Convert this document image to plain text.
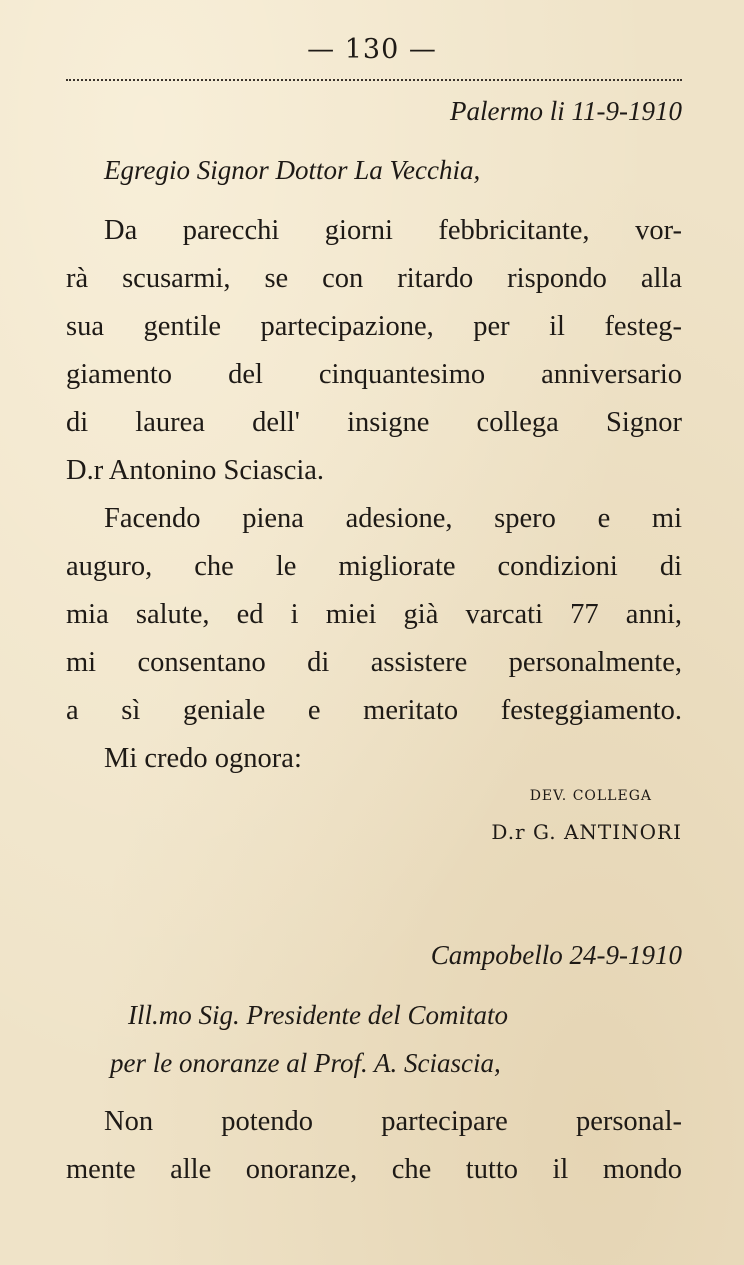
— 130 —
Palermo li 11-9-1910
Egregio Signor Dottor La Vecchia,
Da parecchi giorni febbricitante, vor-
rà scusarmi, se con ritardo rispondo alla
sua gentile partecipazione, per il festeg-
giamento del cinquantesimo anniversario
di laurea dell' insigne collega Signor
D.r Antonino Sciascia.
Facendo piena adesione, spero e mi
auguro, che le migliorate condizioni di
mia salute, ed i miei già varcati 77 anni,
mi consentano di assistere personalmente,
a sì geniale e meritato festeggiamento.
Mi credo ognora:
DEV. COLLEGA
D.r G. ANTINORI
Campobello 24-9-1910
Ill.mo Sig. Presidente del Comitato
per le onoranze al Prof. A. Sciascia,
Non potendo partecipare personal-
mente alle onoranze, che tutto il mondo
